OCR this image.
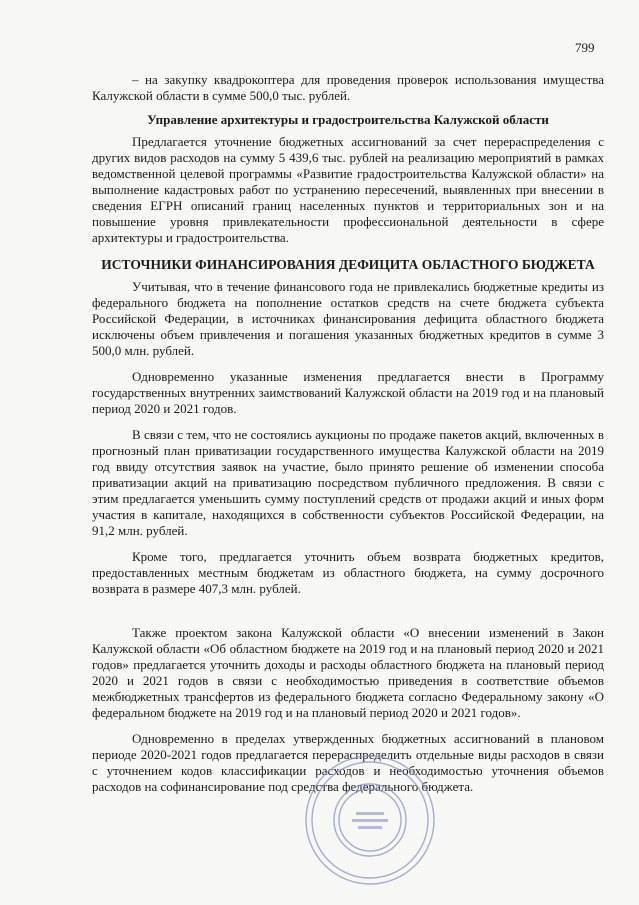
799

– на закупку квадрокоптера для проведения проверок использования имущества Калужской области в сумме 500,0 тыс. рублей.

Управление архитектуры и градостроительства Калужской области

Предлагается уточнение бюджетных ассигнований за счет перераспределения с других видов расходов на сумму 5 439,6 тыс. рублей на реализацию мероприятий в рамках ведомственной целевой программы «Развитие градостроительства Калужской области» на выполнение кадастровых работ по устранению пересечений, выявленных при внесении в сведения ЕГРН описаний границ населенных пунктов и территориальных зон и на повышение уровня привлекательности профессиональной деятельности в сфере архитектуры и градостроительства.

ИСТОЧНИКИ ФИНАНСИРОВАНИЯ ДЕФИЦИТА ОБЛАСТНОГО БЮДЖЕТА

Учитывая, что в течение финансового года не привлекались бюджетные кредиты из федерального бюджета на пополнение остатков средств на счете бюджета субъекта Российской Федерации, в источниках финансирования дефицита областного бюджета исключены объем привлечения и погашения указанных бюджетных кредитов в сумме 3 500,0 млн. рублей.

Одновременно указанные изменения предлагается внести в Программу государственных внутренних заимствований Калужской области на 2019 год и на плановый период 2020 и 2021 годов.

В связи с тем, что не состоялись аукционы по продаже пакетов акций, включенных в прогнозный план приватизации государственного имущества Калужской области на 2019 год ввиду отсутствия заявок на участие, было принято решение об изменении способа приватизации акций на приватизацию посредством публичного предложения. В связи с этим предлагается уменьшить сумму поступлений средств от продажи акций и иных форм участия в капитале, находящихся в собственности субъектов Российской Федерации, на 91,2 млн. рублей.

Кроме того, предлагается уточнить объем возврата бюджетных кредитов, предоставленных местным бюджетам из областного бюджета, на сумму досрочного возврата в размере 407,3 млн. рублей.

Также проектом закона Калужской области «О внесении изменений в Закон Калужской области «Об областном бюджете на 2019 год и на плановый период 2020 и 2021 годов» предлагается уточнить доходы и расходы областного бюджета на плановый период 2020 и 2021 годов в связи с необходимостью приведения в соответствие объемов межбюджетных трансфертов из федерального бюджета согласно Федеральному закону «О федеральном бюджете на 2019 год и на плановый период 2020 и 2021 годов».

Одновременно в пределах утвержденных бюджетных ассигнований в плановом периоде 2020-2021 годов предлагается перераспределить отдельные виды расходов в связи с уточнением кодов классификации расходов и необходимостью уточнения объемов расходов на софинансирование под средства федерального бюджета.
